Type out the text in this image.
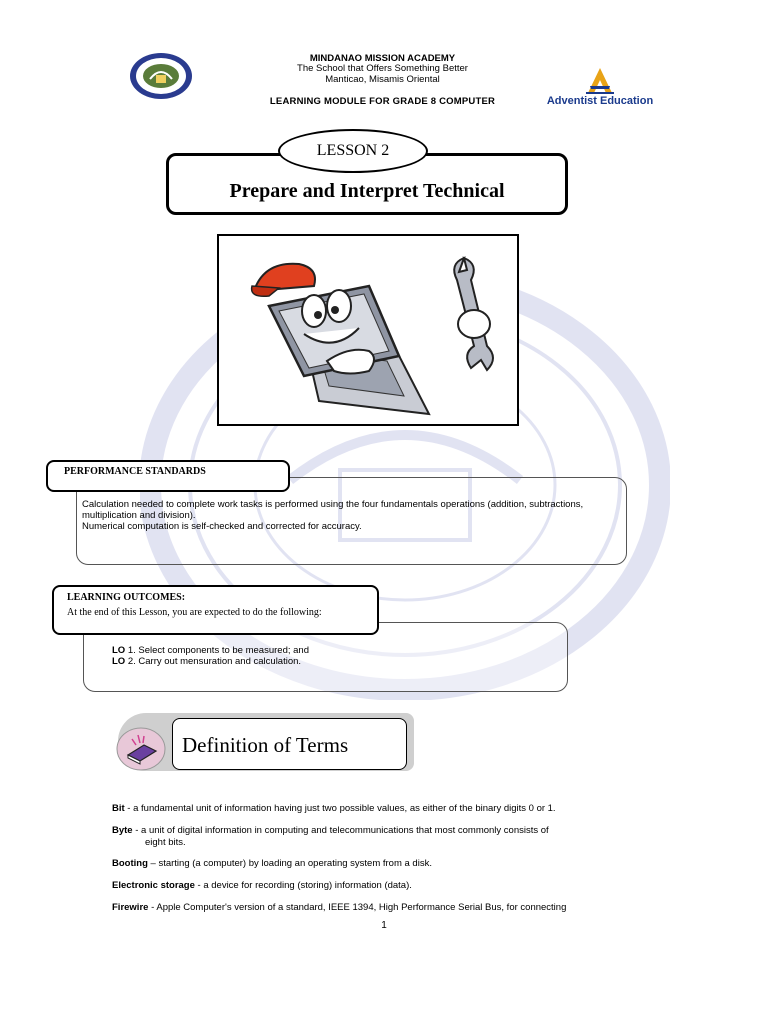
MINDANAO MISSION ACADEMY
The School that Offers Something Better
Manticao, Misamis Oriental
LEARNING MODULE FOR GRADE 8 COMPUTER	Adventist Education
Prepare and Interpret Technical
LESSON 2
PERFORMANCE STANDARDS
Calculation needed to complete work tasks is performed using the four fundamentals operations (addition, subtractions, multiplication and division).
Numerical computation is self-checked and corrected for accuracy.
LEARNING OUTCOMES:
At the end of this Lesson, you are expected to do the following:
LO 1. Select components to be measured; and
LO 2. Carry out mensuration and calculation.
Definition of Terms
Bit - a fundamental unit of information having just two possible values, as either of the binary digits 0 or 1.
Byte - a unit of digital information in computing and telecommunications that most commonly consists of
eight bits.
Booting – starting (a computer) by loading an operating system from a disk.
Electronic storage - a device for recording (storing) information (data).
Firewire - Apple Computer's version of a standard, IEEE 1394, High Performance Serial Bus, for connecting
1
